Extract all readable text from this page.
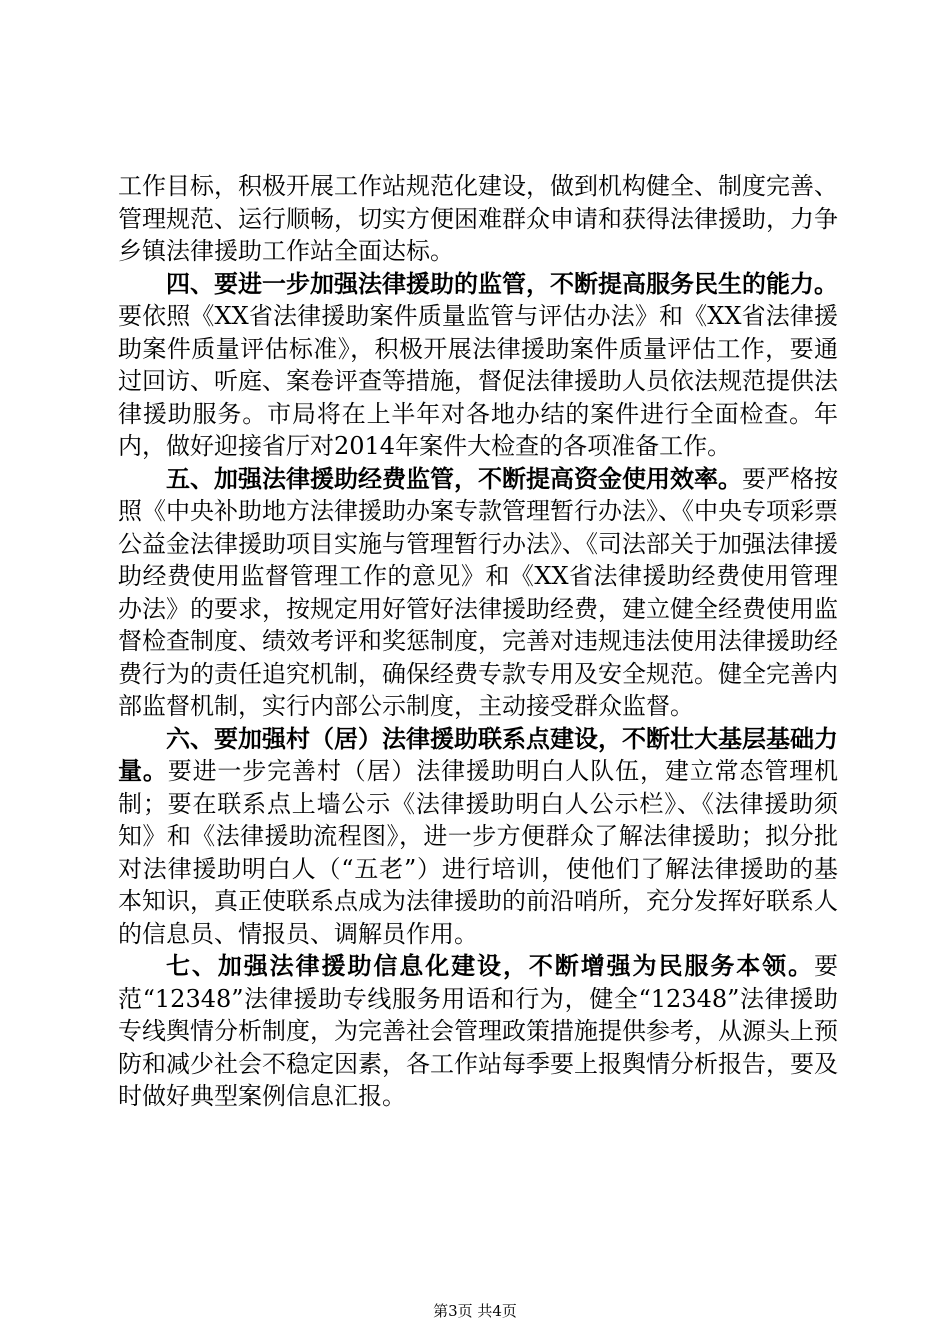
工作目标，积极开展工作站规范化建设，做到机构健全、制度完善、管理规范、运行顺畅，切实方便困难群众申请和获得法律援助，力争乡镇法律援助工作站全面达标。

四、要进一步加强法律援助的监管，不断提高服务民生的能力。要依照《XX省法律援助案件质量监管与评估办法》和《XX省法律援助案件质量评估标准》，积极开展法律援助案件质量评估工作，要通过回访、听庭、案卷评查等措施，督促法律援助人员依法规范提供法律援助服务。市局将在上半年对各地办结的案件进行全面检查。年内，做好迎接省厅对2014年案件大检查的各项准备工作。

五、加强法律援助经费监管，不断提高资金使用效率。要严格按照《中央补助地方法律援助办案专款管理暂行办法》、《中央专项彩票公益金法律援助项目实施与管理暂行办法》、《司法部关于加强法律援助经费使用监督管理工作的意见》和《XX省法律援助经费使用管理办法》的要求，按规定用好管好法律援助经费，建立健全经费使用监督检查制度、绩效考评和奖惩制度，完善对违规违法使用法律援助经费行为的责任追究机制，确保经费专款专用及安全规范。健全完善内部监督机制，实行内部公示制度，主动接受群众监督。

六、要加强村（居）法律援助联系点建设，不断壮大基层基础力量。要进一步完善村（居）法律援助明白人队伍，建立常态管理机制；要在联系点上墙公示《法律援助明白人公示栏》、《法律援助须知》和《法律援助流程图》，进一步方便群众了解法律援助；拟分批对法律援助明白人（“五老”）进行培训，使他们了解法律援助的基本知识，真正使联系点成为法律援助的前沿哨所，充分发挥好联系人的信息员、情报员、调解员作用。

七、加强法律援助信息化建设，不断增强为民服务本领。要范“12348”法律援助专线服务用语和行为，健全“12348”法律援助专线舆情分析制度，为完善社会管理政策措施提供参考，从源头上预防和减少社会不稳定因素，各工作站每季要上报舆情分析报告，要及时做好典型案例信息汇报。

第3页 共4页
